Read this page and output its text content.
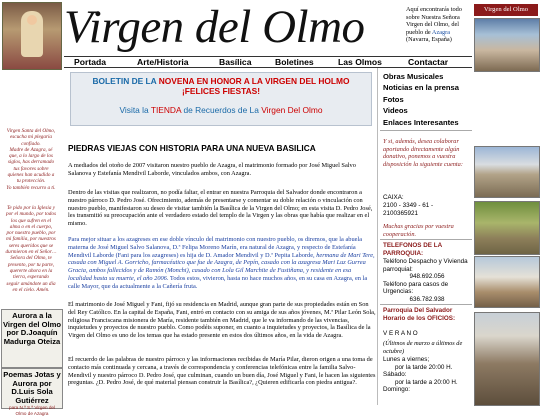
Virgen Santa del Olmo,
escucha mi plegaria
confiado.
Madre de Azagra, sé
que, a lo largo de los
siglos, has derramado
tus favores sobre
quienes han acudido a
tu protección.
Yo también recurro a ti.
Te pido por la Iglesia y
por el mundo, por todos
los que sufren en el
alma o en el cuerpo,
por nuestro pueblo, por
mi familia, por nuestros
seres queridos que se
durmieron en el Señor…
Señora del Olmo, te
presento, por tu parte,
quererte ahora en la
tierra, esperando
seguir amándote un día
en el cielo. Amén.
Aurora a la
Virgen del Olmo
por D.Joaquín
Madurga Oteiza
Poemas Jotas y
Aurora por
D.Luis Sola
Gutiérrez
para N.ª S.ª Virgen del
Olmo de Azagra
Virgen del Olmo	Aquí encontrarás todo sobre Nuestra Señora Virgen del Olmo, del pueblo de Azagra (Navarra, España)
Virgen del Olmo
Portada	Arte/Historia	Basílica	Boletines	Las Olmos	Contactar
BOLETIN DE LA NOVENA EN HONOR A LA VIRGEN DEL HOLMO
¡FELICES FIESTAS!
Visita la TIENDA de Recuerdos de La Virgen Del Olmo
PIEDRAS VIEJAS CON HISTORIA PARA UNA NUEVA BASILICA
A mediados del otoño de 2007 visitaron nuestro pueblo de Azagra, el matrimonio formado por José Miguel Salvo Salanova y Estefanía Mendivil Laborde, vinculados ambos, con Azagra.
Dentro de las visitas que realizaron, no podía faltar, el entrar en nuestra Parroquia del Salvador donde encontraron a nuestro párroco D. Pedro José. Ofrecimiento, además de presentarse y comentar su doble relación o vinculación con nuestro pueblo, manifestaron su deseo de visitar también la Basílica de la Virgen del Olmo; en esta visita D. Pedro José, les transmitió su preocupación ante el verdadero estado del templo de la Virgen y las obras que había que realizar en el mismo.
Para mejor situar a los azagreses en ese doble vínculo del matrimonio con nuestro pueblo, os diremos, que la abuela materna de José Miguel Salvo Salanova, D.ª Felipa Moreno Marín, era natural de Azagra, y respecto de Estefanía Mendivil Laborde (Fani para los azagreses) es hija de D. Amador Mendivil y D.ª Pepita Laborde, hermana de Mari Tere, casada con Miguel A. Gorricho, farmacéutico que fue de Azagra, de Pepín, casado con la azagresa Mari Luz Gurrea Gracia, ambos fallecidos y de Ramón (Monchi), casado con Lola Gil Marchite de Fustiñana, y residente en esa localidad hasta su muerte, el año 2006. Todos estos, vivieron, hasta no hace muchos años, en su casa en Azagra, en la calle Mayor, que da actualmente a la Cañería fruta.
El matrimonio de José Miguel y Fani, fijó su residencia en Madrid, aunque gran parte de sus propiedades están en Son del Rey Católico. En la capital de España, Fani, entró en contacto con su amiga de sus años jóvenes, M.ª Pilar León Sola, religiosa Franciscana misionera de María, residente también en Madrid, que le va informando de las vivencias, inquietudes y proyectos de nuestro pueblo. Como podéis suponer, en cuanto a inquietudes y proyectos, la Basílica de la Virgen del Olmo es uno de los temas que ha estado presente en estos dos últimos años, en la vida de Azagra.
El recuerdo de las palabras de nuestro párroco y las informaciones recibidas de María Pilar, dieron origen a una toma de contacto más continuada y cercana, a través de correspondencia y conferencias telefónicas entre la familia Salvo-Mendivil y nuestro párroco D. Pedro José, que culminan, cuando un buen día, José Miguel y Fani, le hacen las siguientes preguntas. ¿D. Pedro José, de qué material piensan construir la Basílica?, ¿Quieren edificarla con piedra antigua?.
Obras Musicales
Noticias en la prensa
Fotos
Videos
Enlaces Interesantes
Y si, además, desea colaborar aportando directamente algún donativo, ponemos a vuestra disposición la siguiente cuenta:
CAIXA:
2100 - 3349 - 61 -
2100365921
Muchas gracias por vuestra cooperación.
TELEFONOS DE LA PARROQUIA:
Teléfono Despacho y Vivienda parroquial:
948.692.056
Teléfono para casos de Urgencias:
636.782.938
Parroquia Del Salvador Horario de los OFICIOS:
V E R A N O
(Últimos de marzo a últimos de octubre)
Lunes a viernes;
por la tarde 20:00 H.
Sábado:
por la tarde a 20:00 H.
Domingo:
